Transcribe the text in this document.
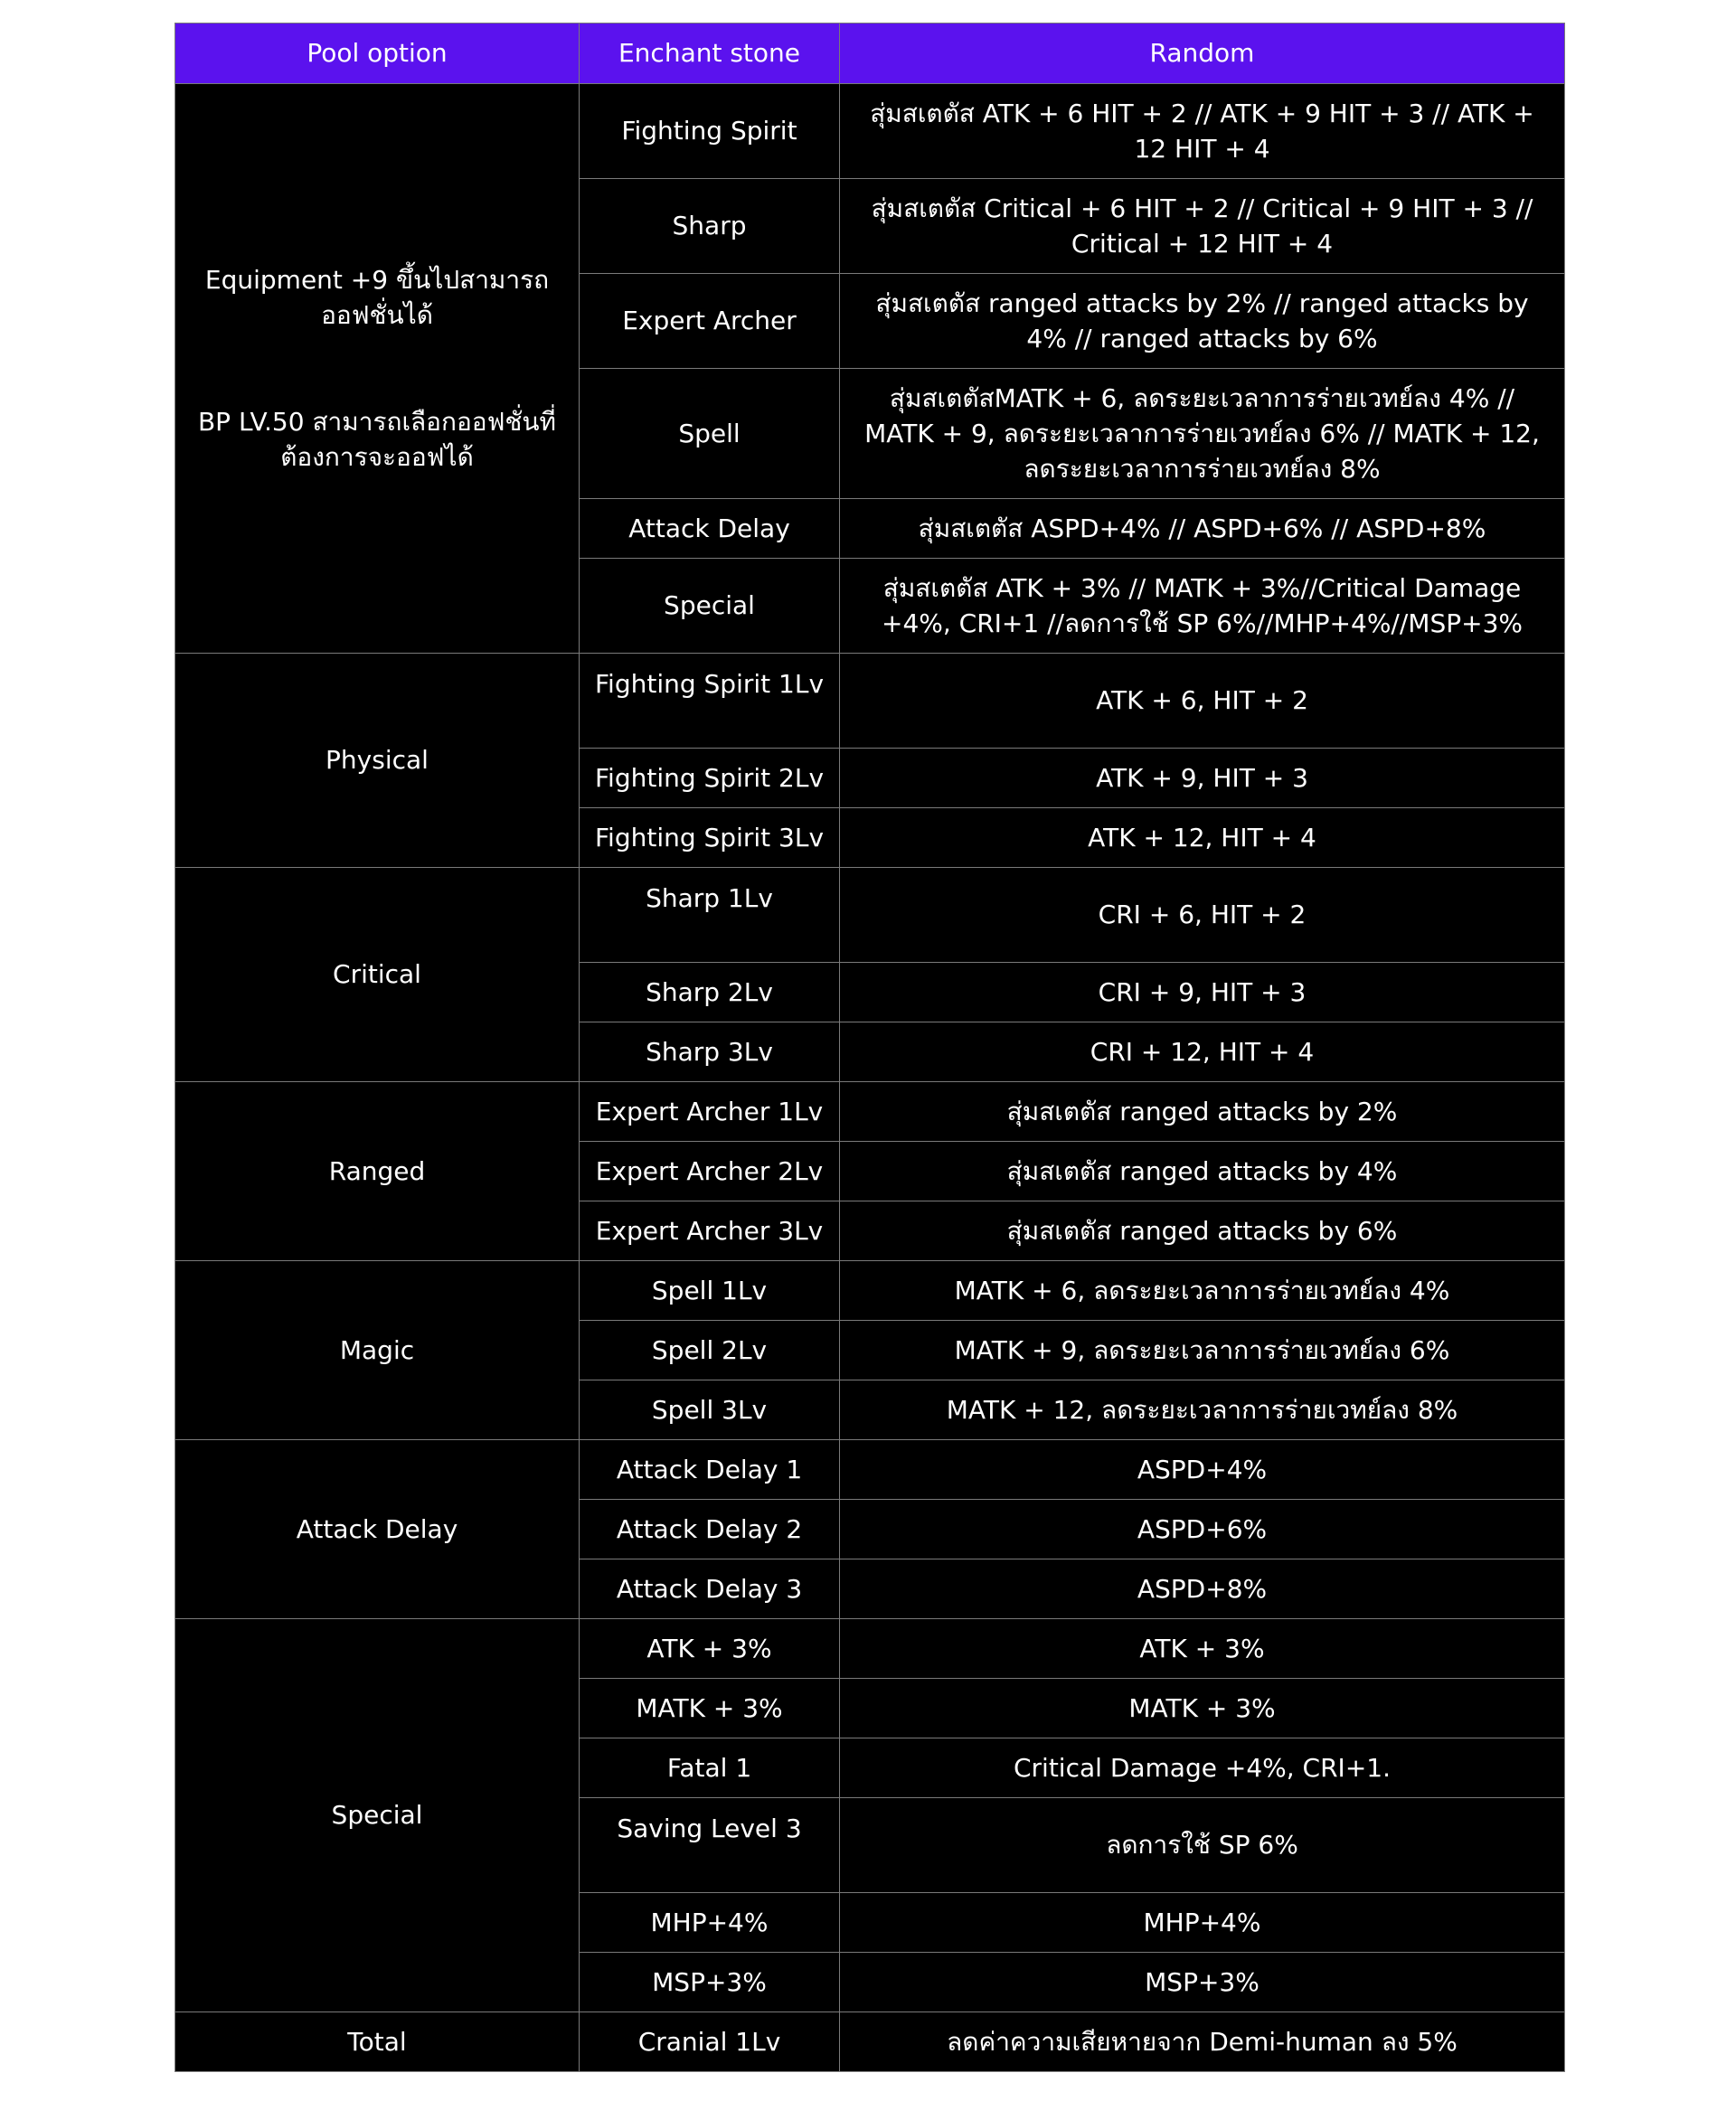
Pool option	Enchant stone	Random

Equipment +9 ขึ้นไปสามารถออฟชั่นได้
BP LV.50 สามารถเลือกออฟชั่นที่ต้องการจะออฟได้	Fighting Spirit	สุ่มสเตตัส ATK + 6 HIT + 2 // ATK + 9 HIT + 3 // ATK + 12 HIT + 4
	Sharp	สุ่มสเตตัส Critical + 6 HIT + 2 // Critical + 9 HIT + 3 // Critical + 12 HIT + 4
	Expert Archer	สุ่มสเตตัส ranged attacks by 2% // ranged attacks by 4% // ranged attacks by 6%
	Spell	สุ่มสเตตัสMATK + 6, ลดระยะเวลาการร่ายเวทย์ลง 4% // MATK + 9, ลดระยะเวลาการร่ายเวทย์ลง 6% // MATK + 12, ลดระยะเวลาการร่ายเวทย์ลง 8%
	Attack Delay	สุ่มสเตตัส ASPD+4% // ASPD+6% // ASPD+8%
	Special	สุ่มสเตตัส ATK + 3% // MATK + 3%//Critical Damage +4%, CRI+1 //ลดการใช้ SP 6%//MHP+4%//MSP+3%
Physical	Fighting Spirit 1Lv	ATK + 6, HIT + 2
	Fighting Spirit 2Lv	ATK + 9, HIT + 3
	Fighting Spirit 3Lv	ATK + 12, HIT + 4
Critical	Sharp 1Lv	CRI + 6, HIT + 2
	Sharp 2Lv	CRI + 9, HIT + 3
	Sharp 3Lv	CRI + 12, HIT + 4
Ranged	Expert Archer 1Lv	สุ่มสเตตัส ranged attacks by 2%
	Expert Archer 2Lv	สุ่มสเตตัส ranged attacks by 4%
	Expert Archer 3Lv	สุ่มสเตตัส ranged attacks by 6%
Magic	Spell 1Lv	MATK + 6, ลดระยะเวลาการร่ายเวทย์ลง 4%
	Spell 2Lv	MATK + 9, ลดระยะเวลาการร่ายเวทย์ลง 6%
	Spell 3Lv	MATK + 12, ลดระยะเวลาการร่ายเวทย์ลง 8%
Attack Delay	Attack Delay 1	ASPD+4%
	Attack Delay 2	ASPD+6%
	Attack Delay 3	ASPD+8%
Special	ATK + 3%	ATK + 3%
	MATK + 3%	MATK + 3%
	Fatal 1	Critical Damage +4%, CRI+1.
	Saving Level 3	ลดการใช้ SP 6%
	MHP+4%	MHP+4%
	MSP+3%	MSP+3%
Total	Cranial 1Lv	ลดค่าความเสียหายจาก Demi-human ลง 5%
